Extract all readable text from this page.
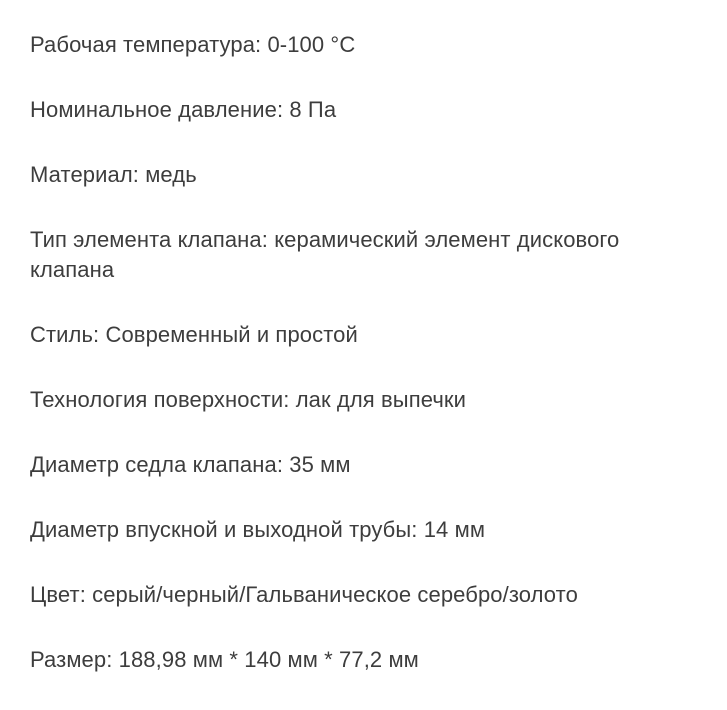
Рабочая температура: 0-100 °C
Номинальное давление: 8 Па
Материал: медь
Тип элемента клапана: керамический элемент дискового клапана
Стиль: Современный и простой
Технология поверхности: лак для выпечки
Диаметр седла клапана: 35 мм
Диаметр впускной и выходной трубы: 14 мм
Цвет: серый/черный/Гальваническое серебро/золото
Размер: 188,98 мм * 140 мм * 77,2 мм
